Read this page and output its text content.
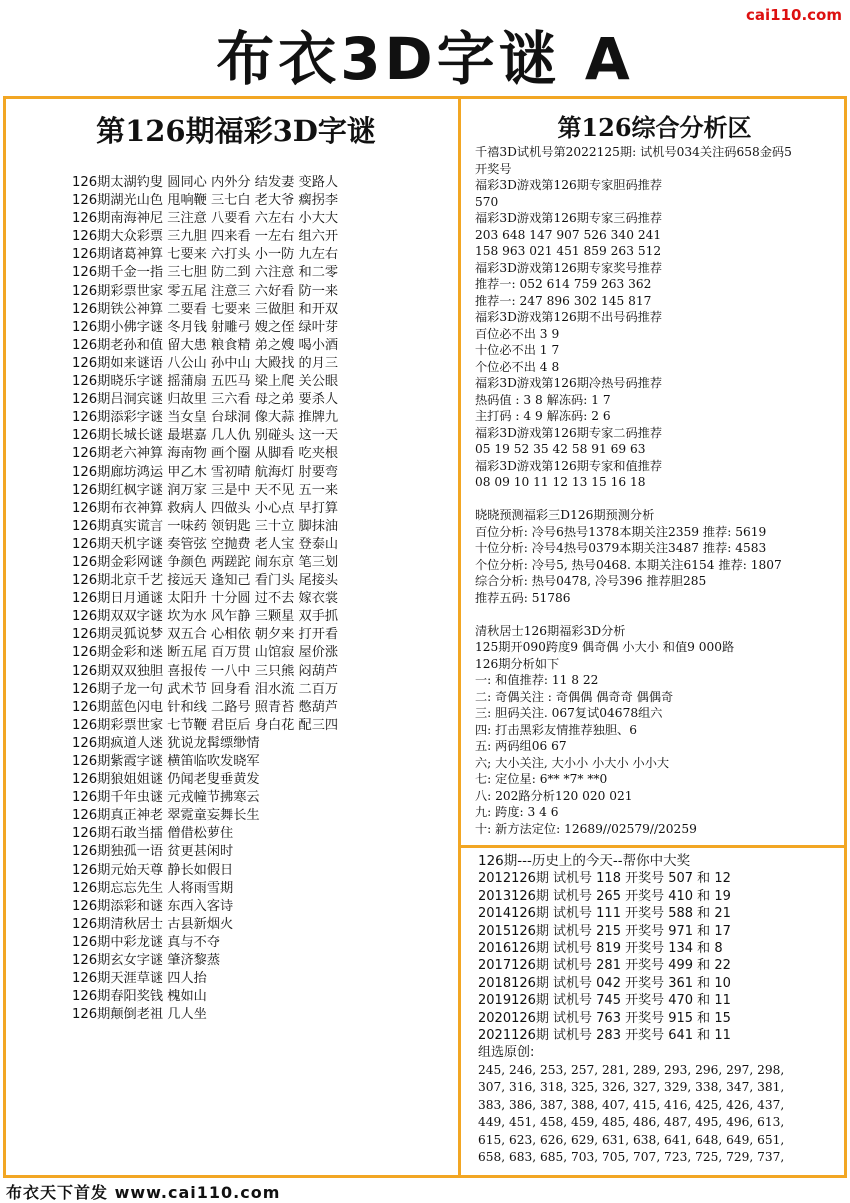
布衣3D字谜 A
cai110.com
第126期福彩3D字谜
126期太湖钓叟 圆同心 内外分 结发妻 变路人
126期湖光山色 甩响鞭 三七白 老大爷 瘸拐李
126期南海神尼 三注意 八要看 六左右 小大大
126期大众彩票 三九胆 四来看 一左右 组六开
126期诸葛神算 七要来 六打头 小一防 九左右
126期千金一指 三七胆 防二到 六注意 和二零
126期彩票世家 零五尾 注意三 六好看 防一来
126期铁公神算 二要看 七要来 三做胆 和开双
126期小佛字谜 冬月钱 射雕弓 嫂之侄 绿叶芽
126期老孙和值 留大患 粮食精 弟之嫂 喝小酒
126期如来谜语 八公山 孙中山 大殿找 的月三
126期晓乐字谜 摇蒲扇 五匹马 梁上爬 关公眼
126期吕洞宾谜 归故里 三六看 母之弟 要杀人
126期添彩字谜 当女皇 台球洞 像大蒜 推牌九
126期长城长谜 最堪嘉 几人仇 别碰头 这一天
126期老六神算 海南物 画个圈 从脚看 吃夹根
126期廊坊鸿运 甲乙木 雪初晴 航海灯 肘要弯
126期红枫字谜 润万家 三是中 天不见 五一来
126期布衣神算 救病人 四做头 小心点 早打算
126期真实谎言 一味药 领钥匙 三十立 脚抹油
126期天机字谜 奏管弦 空抛费 老人宝 登泰山
126期金彩网谜 争颜色 两蹉跎 闹东京 笔三划
126期北京千艺 接远天 逢知己 看门头 尾接头
126期日月通谜 太阳升 十分圆 过不去 嫁衣裳
126期双双字谜 坎为水 风乍静 三颗星 双手抓
126期灵狐说梦 双五合 心相依 朝夕来 打开看
126期金彩和迷 断五尾 百万贯 山馆寂 屋价涨
126期双双独胆 喜报传 一八中 三只熊 闷葫芦
126期子龙一句 武术节 回身看 泪水流 二百万
126期蓝色闪电 针和线 二路号 照青苔 憋葫芦
126期彩票世家 七节鞭 君臣后 身白花 配三四
126期疯道人迷 犹说龙髯缥缈情
126期紫霞字谜 横笛临吹发晓军
126期狼姐姐谜 仍闻老叟垂黄发
126期千年虫谜 元戎幢节拂寒云
126期真正神老 翠霓童妄舞长生
126期石敢当擂 僧借松萝住
126期独孤一语 贫更甚闲时
126期元始天尊 静长如假日
126期忘忘先生 人将雨雪期
126期添彩和谜 东西入客诗
126期清秋居士 古县新烟火
126期中彩龙谜 真与不夺
126期玄女字谜 肇济黎蒸
126期天涯草谜 四人抬
126期春阳奖钱 槐如山
126期颠倒老祖 几人坐
第126综合分析区
千禧3D试机号第2022125期: 试机号034关注码658金码5
开奖号
福彩3D游戏第126期专家胆码推荐
570
福彩3D游戏第126期专家三码推荐
203 648 147 907 526 340 241
158 963 021 451 859 263 512
福彩3D游戏第126期专家奖号推荐
推荐一: 052 614 759 263 362
推荐一: 247 896 302 145 817
福彩3D游戏第126期不出号码推荐
百位必不出 3 9
十位必不出 1 7
个位必不出 4 8
福彩3D游戏第126期冷热号码推荐
热码值 : 3 8 解冻码: 1 7
主打码 : 4 9 解冻码: 2 6
福彩3D游戏第126期专家二码推荐
05 19 52 35 42 58 91 69 63
福彩3D游戏第126期专家和值推荐
08 09 10 11 12 13 15 16 18
晓晓预测福彩三D126期预测分析
百位分析: 冷号6热号1378本期关注2359 推荐: 5619
十位分析: 冷号4热号0379本期关注3487 推荐: 4583
个位分析: 冷号5, 热号0468. 本期关注6154 推荐: 1807
综合分析: 热号0478, 冷号396 推荐胆285
推荐五码: 51786
清秋居士126期福彩3D分析
125期开090跨度9 偶奇偶 小大小 和值9 000路
126期分析如下
一: 和值推荐: 11 8 22
二: 奇偶关注 : 奇偶偶 偶奇奇 偶偶奇
三: 胆码关注. 067复试04678组六
四: 打击黑彩友情推荐独胆、6
五: 两码组06 67
六; 大小关注, 大小小 小大小 小小大
七: 定位星: 6** *7* **0
八: 202路分析120 020 021
九: 跨度: 3 4 6
十: 新方法定位: 12689//02579//20259
126期---历史上的今天--帮你中大奖
2012126期 试机号 118 开奖号 507 和 12
2013126期 试机号 265 开奖号 410 和 19
2014126期 试机号 111 开奖号 588 和 21
2015126期 试机号 215 开奖号 971 和 17
2016126期 试机号 819 开奖号 134 和 8
2017126期 试机号 281 开奖号 499 和 22
2018126期 试机号 042 开奖号 361 和 10
2019126期 试机号 745 开奖号 470 和 11
2020126期 试机号 763 开奖号 915 和 15
2021126期 试机号 283 开奖号 641 和 11
组选原创:
245, 246, 253, 257, 281, 289, 293, 296, 297, 298,
307, 316, 318, 325, 326, 327, 329, 338, 347, 381,
383, 386, 387, 388, 407, 415, 416, 425, 426, 437,
449, 451, 458, 459, 485, 486, 487, 495, 496, 613,
615, 623, 626, 629, 631, 638, 641, 648, 649, 651,
658, 683, 685, 703, 705, 707, 723, 725, 729, 737,
布衣天下首发 www.cai110.com
